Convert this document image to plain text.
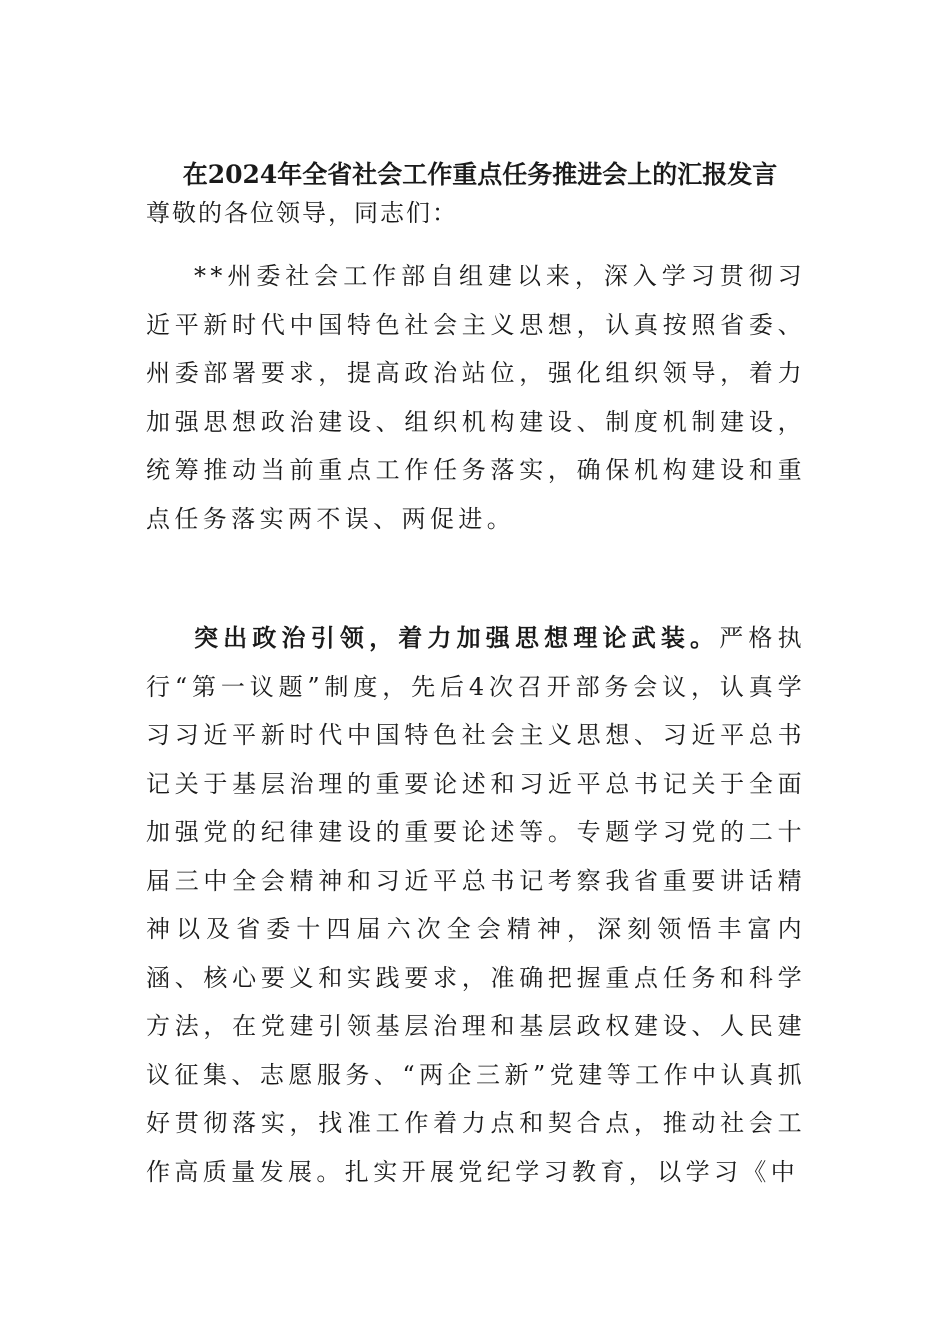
在2024年全省社会工作重点任务推进会上的汇报发言
尊敬的各位领导，同志们：

**州委社会工作部自组建以来，深入学习贯彻习近平新时代中国特色社会主义思想，认真按照省委、州委部署要求，提高政治站位，强化组织领导，着力加强思想政治建设、组织机构建设、制度机制建设，统筹推动当前重点工作任务落实，确保机构建设和重点任务落实两不误、两促进。

突出政治引领，着力加强思想理论武装。严格执行“第一议题”制度，先后4次召开部务会议，认真学习习近平新时代中国特色社会主义思想、习近平总书记关于基层治理的重要论述和习近平总书记关于全面加强党的纪律建设的重要论述等。专题学习党的二十届三中全会精神和习近平总书记考察我省重要讲话精神以及省委十四届六次全会精神，深刻领悟丰富内涵、核心要义和实践要求，准确把握重点任务和科学方法，在党建引领基层治理和基层政权建设、人民建议征集、志愿服务、“两企三新”党建等工作中认真抓好贯彻落实，找准工作着力点和契合点，推动社会工作高质量发展。扎实开展党纪学习教育，以学习《中
